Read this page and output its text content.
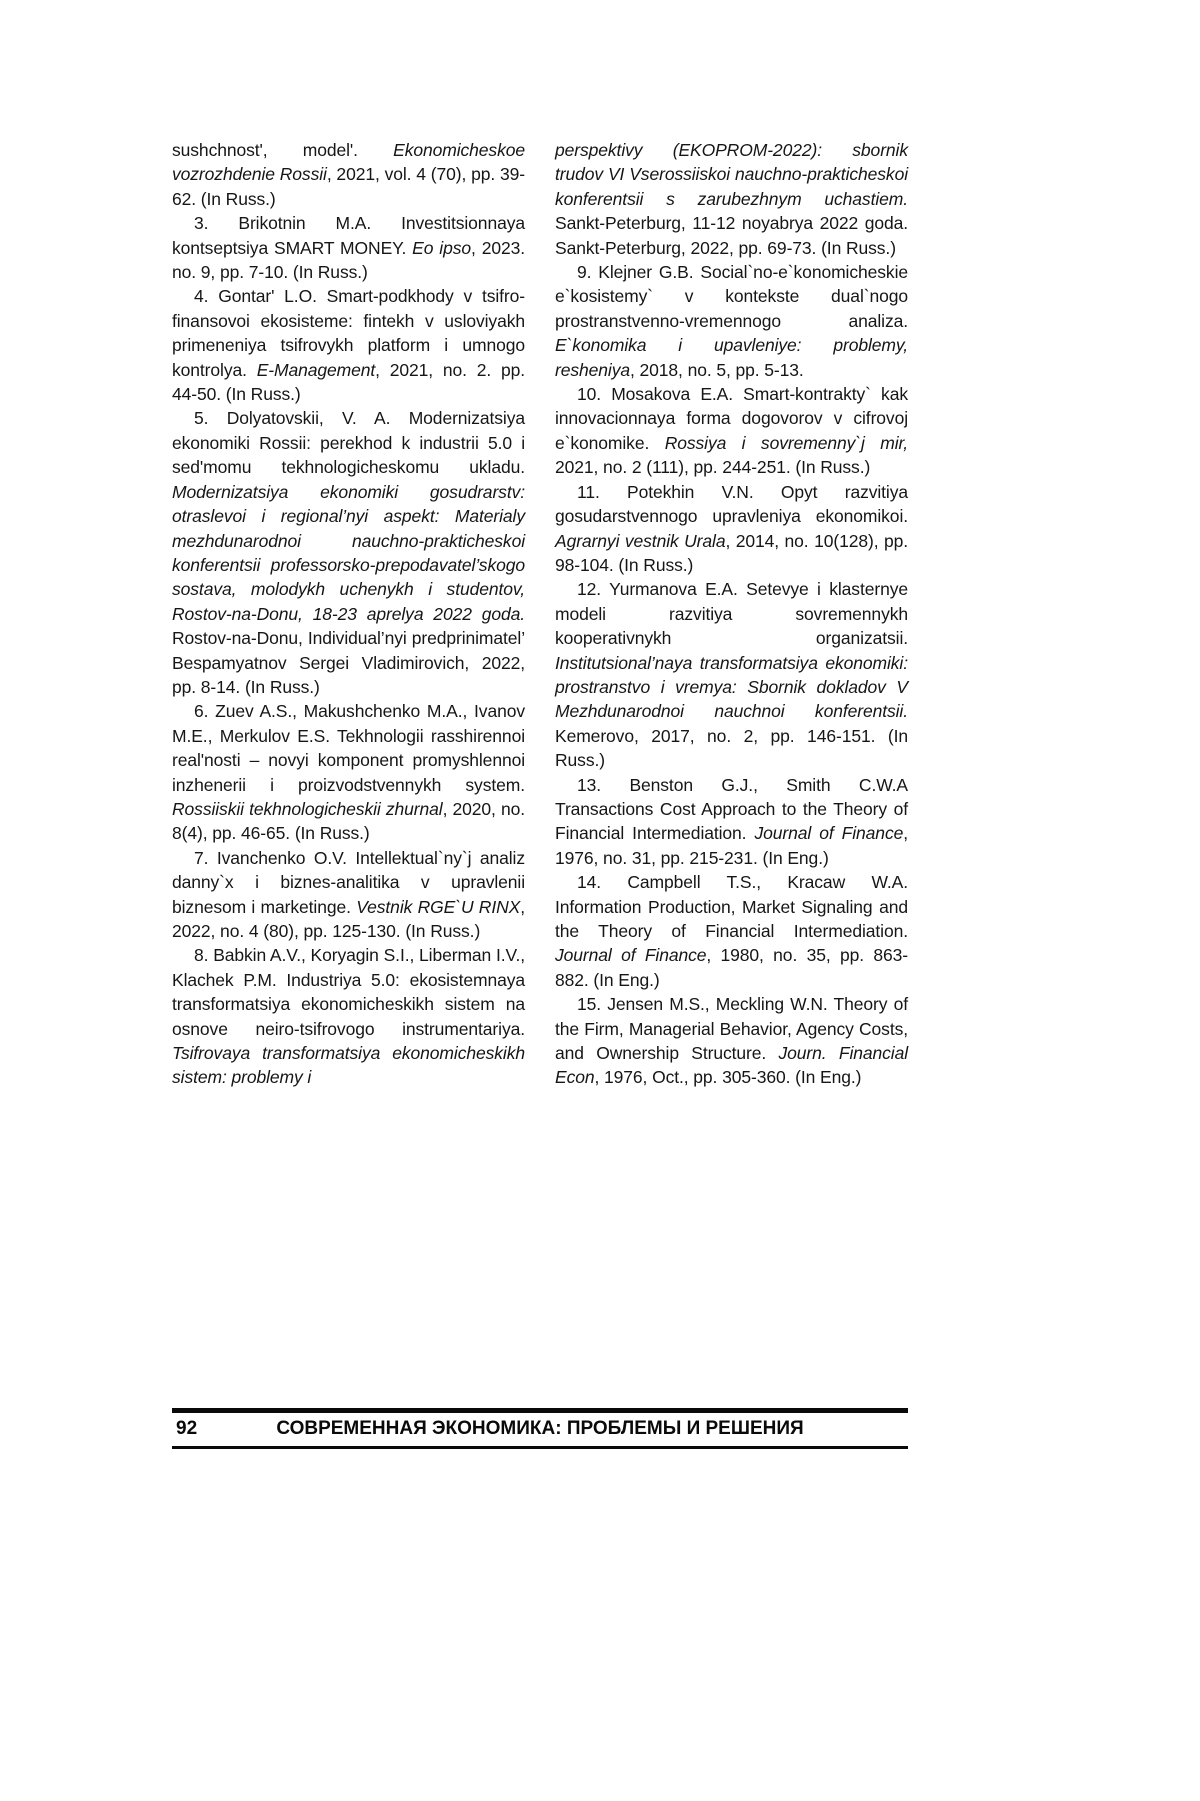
sushchnost', model'. Ekonomicheskoe vozrozhdenie Rossii, 2021, vol. 4 (70), pp. 39-62. (In Russ.)

3. Brikotnin M.A. Investitsionnaya kontseptsiya SMART MONEY. Eo ipso, 2023. no. 9, pp. 7-10. (In Russ.)

4. Gontar' L.O. Smart-podkhody v tsifro-finansovoi ekosisteme: fintekh v usloviyakh primeneniya tsifrovykh platform i umnogo kontrolya. E-Management, 2021, no. 2. pp. 44-50. (In Russ.)

5. Dolyatovskii, V. A. Modernizatsiya ekonomiki Rossii: perekhod k industrii 5.0 i sed'momu tekhnologicheskomu ukladu. Modernizatsiya ekonomiki gosudrarstv: otraslevoi i regional’nyi aspekt: Materialy mezhdunarodnoi nauchno-prakticheskoi konferentsii professorsko-prepodavatel’skogo sostava, molodykh uchenykh i studentov, Rostov-na-Donu, 18-23 aprelya 2022 goda. Rostov-na-Donu, Individual’nyi predprinimatel’ Bespamyatnov Sergei Vladimirovich, 2022, pp. 8-14. (In Russ.)

6. Zuev A.S., Makushchenko M.A., Ivanov M.E., Merkulov E.S. Tekhnologii rasshirennoi real'nosti – novyi komponent promyshlennoi inzhenerii i proizvodstvennykh system. Rossiiskii tekhnologicheskii zhurnal, 2020, no. 8(4), pp. 46-65. (In Russ.)

7. Ivanchenko O.V. Intellektual`ny`j analiz danny`x i biznes-analitika v upravlenii biznesom i marketinge. Vestnik RGE`U RINX, 2022, no. 4 (80), pp. 125-130. (In Russ.)

8. Babkin A.V., Koryagin S.I., Liberman I.V., Klachek P.M. Industriya 5.0: ekosistemnaya transformatsiya ekonomicheskikh sistem na osnove neiro-tsifrovogo instrumentariya. Tsifrovaya transformatsiya ekonomicheskikh sistem: problemy i

perspektivy (EKOPROM-2022): sbornik trudov VI Vserossiiskoi nauchno-prakticheskoi konferentsii s zarubezhnym uchastiem. Sankt-Peterburg, 11-12 noyabrya 2022 goda. Sankt-Peterburg, 2022, pp. 69-73. (In Russ.)

9. Klejner G.B. Social`no-e`konomicheskie e`kosistemy` v kontekste dual`nogo prostranstvenno-vremennogo analiza. E`konomika i upavleniye: problemy, resheniya, 2018, no. 5, pp. 5-13.

10. Mosakova E.A. Smart-kontrakty` kak innovacionnaya forma dogovorov v cifrovoj e`konomike. Rossiya i sovremenny`j mir, 2021, no. 2 (111), pp. 244-251. (In Russ.)

11. Potekhin V.N. Opyt razvitiya gosudarstvennogo upravleniya ekonomikoi. Agrarnyi vestnik Urala, 2014, no. 10(128), pp. 98-104. (In Russ.)

12. Yurmanova E.A. Setevye i klasternye modeli razvitiya sovremennykh kooperativnykh organizatsii. Institutsional’naya transformatsiya ekonomiki: prostranstvo i vremya: Sbornik dokladov V Mezhdunarodnoi nauchnoi konferentsii. Kemerovo, 2017, no. 2, pp. 146-151. (In Russ.)

13. Benston G.J., Smith C.W.A Transactions Cost Approach to the Theory of Financial Intermediation. Journal of Finance, 1976, no. 31, pp. 215-231. (In Eng.)

14. Campbell T.S., Kracaw W.A. Information Production, Market Signaling and the Theory of Financial Intermediation. Journal of Finance, 1980, no. 35, pp. 863-882. (In Eng.)

15. Jensen M.S., Meckling W.N. Theory of the Firm, Managerial Behavior, Agency Costs, and Ownership Structure. Journ. Financial Econ, 1976, Oct., pp. 305-360. (In Eng.)

92	СОВРЕМЕННАЯ ЭКОНОМИКА: ПРОБЛЕМЫ И РЕШЕНИЯ
